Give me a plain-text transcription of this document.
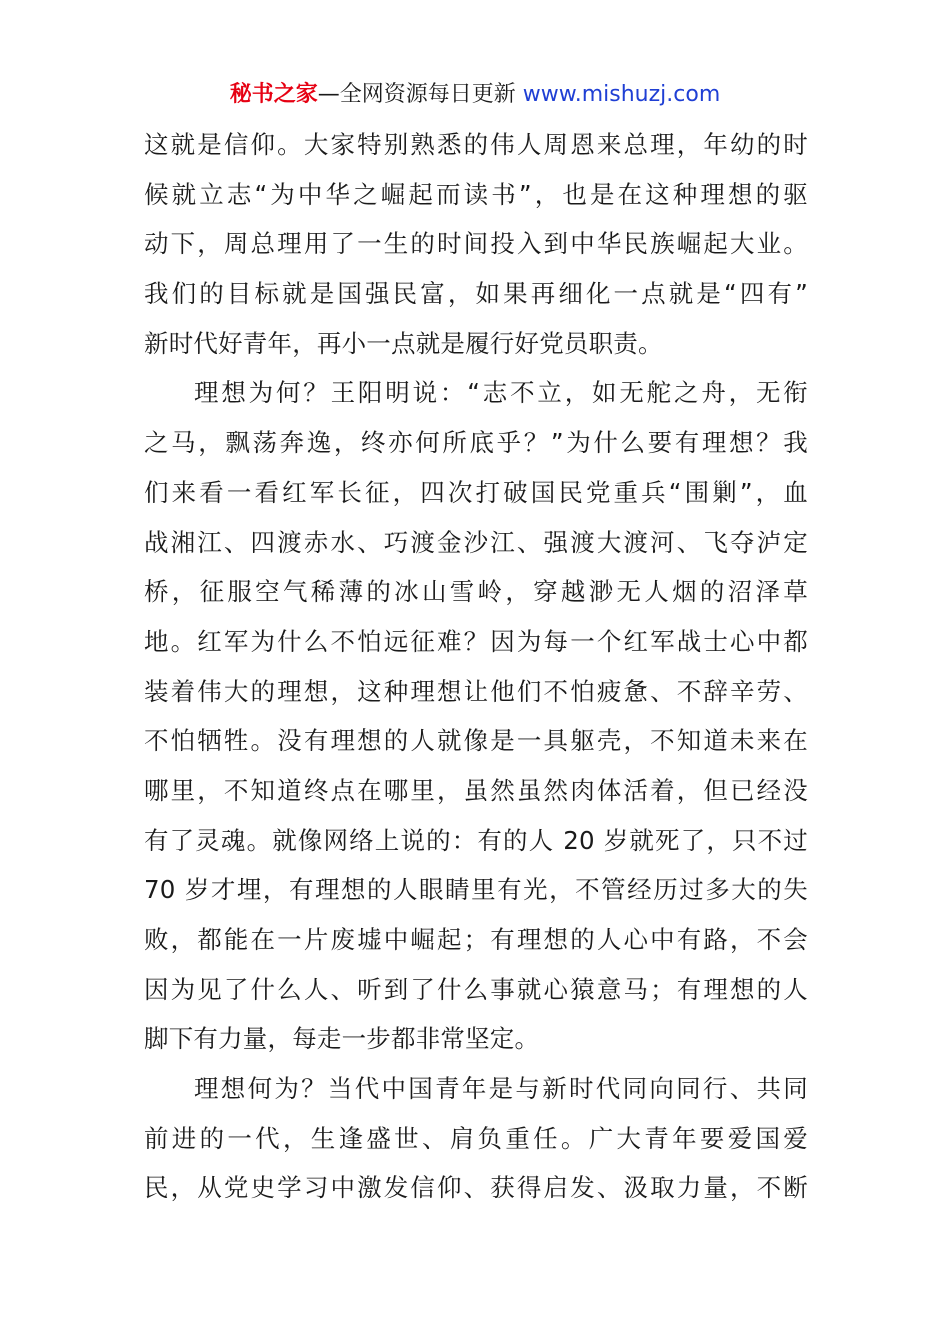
秘书之家—全网资源每日更新 www.mishuzj.com
这就是信仰。大家特别熟悉的伟人周恩来总理，年幼的时
候就立志“为中华之崛起而读书”，也是在这种理想的驱
动下，周总理用了一生的时间投入到中华民族崛起大业。
我们的目标就是国强民富，如果再细化一点就是“四有”
新时代好青年，再小一点就是履行好党员职责。
理想为何？王阳明说：“志不立，如无舵之舟，无衔
之马，飘荡奔逸，终亦何所底乎？”为什么要有理想？我
们来看一看红军长征，四次打破国民党重兵“围剿”，血
战湘江、四渡赤水、巧渡金沙江、强渡大渡河、飞夺泸定
桥，征服空气稀薄的冰山雪岭，穿越渺无人烟的沼泽草
地。红军为什么不怕远征难？因为每一个红军战士心中都
装着伟大的理想，这种理想让他们不怕疲惫、不辞辛劳、
不怕牺牲。没有理想的人就像是一具躯壳，不知道未来在
哪里，不知道终点在哪里，虽然虽然肉体活着，但已经没
有了灵魂。就像网络上说的：有的人 20 岁就死了，只不过
70 岁才埋，有理想的人眼睛里有光，不管经历过多大的失
败，都能在一片废墟中崛起；有理想的人心中有路，不会
因为见了什么人、听到了什么事就心猿意马；有理想的人
脚下有力量，每走一步都非常坚定。
理想何为？当代中国青年是与新时代同向同行、共同
前进的一代，生逢盛世、肩负重任。广大青年要爱国爱
民，从党史学习中激发信仰、获得启发、汲取力量，不断
